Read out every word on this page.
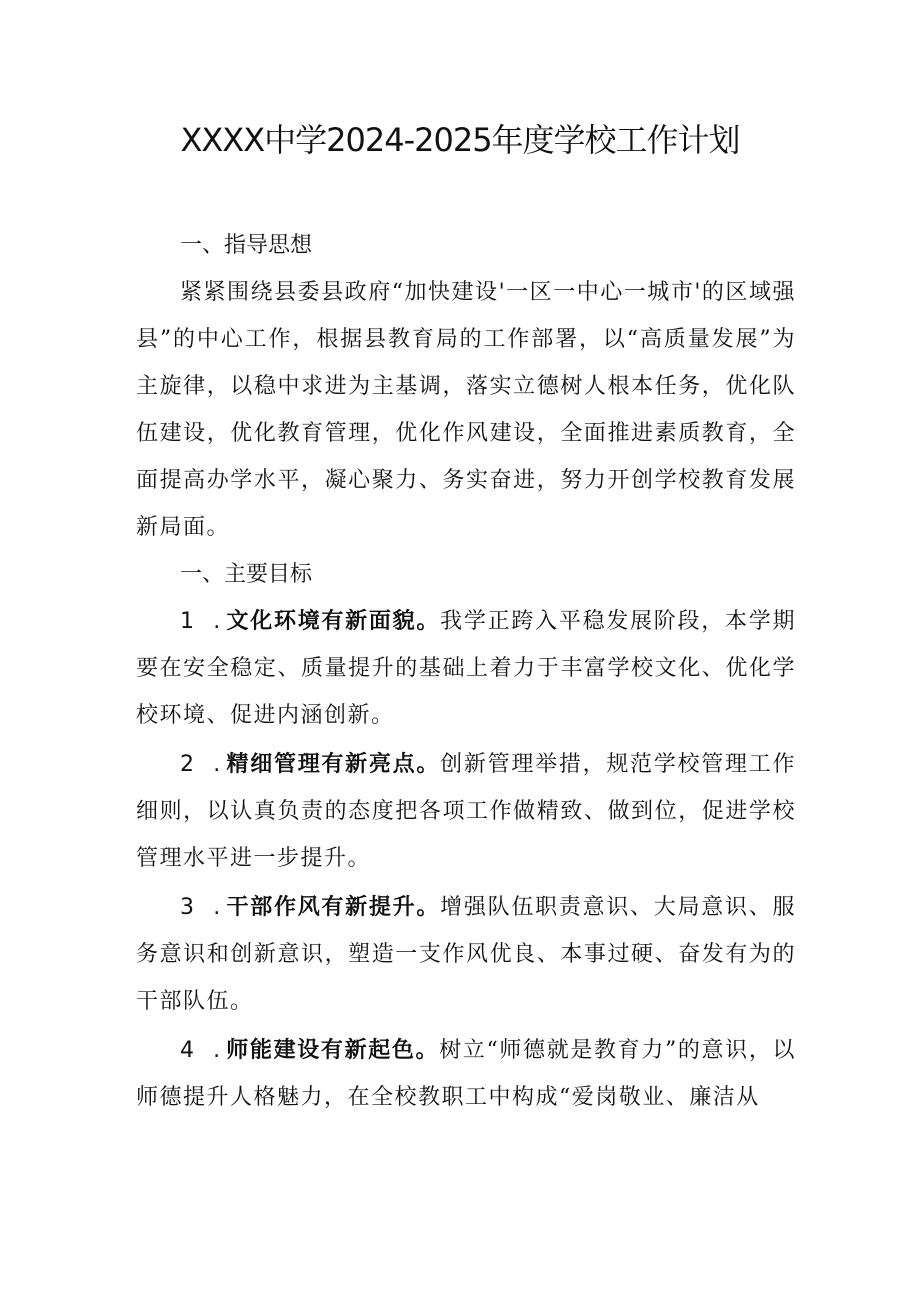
XXXX中学2024-2025年度学校工作计划
一、指导思想

紧紧围绕县委县政府“加快建设'一区一中心一城市'的区域强县”的中心工作，根据县教育局的工作部署，以“高质量发展”为主旋律，以稳中求进为主基调，落实立德树人根本任务，优化队伍建设，优化教育管理，优化作风建设，全面推进素质教育，全面提高办学水平，凝心聚力、务实奋进，努力开创学校教育发展新局面。

一、主要目标

1 .文化环境有新面貌。我学正跨入平稳发展阶段，本学期要在安全稳定、质量提升的基础上着力于丰富学校文化、优化学校环境、促进内涵创新。

2 .精细管理有新亮点。创新管理举措，规范学校管理工作细则，以认真负责的态度把各项工作做精致、做到位，促进学校管理水平进一步提升。

3 .干部作风有新提升。增强队伍职责意识、大局意识、服务意识和创新意识，塑造一支作风优良、本事过硬、奋发有为的干部队伍。

4 .师能建设有新起色。树立“师德就是教育力”的意识，以师德提升人格魅力，在全校教职工中构成“爱岗敬业、廉洁从
